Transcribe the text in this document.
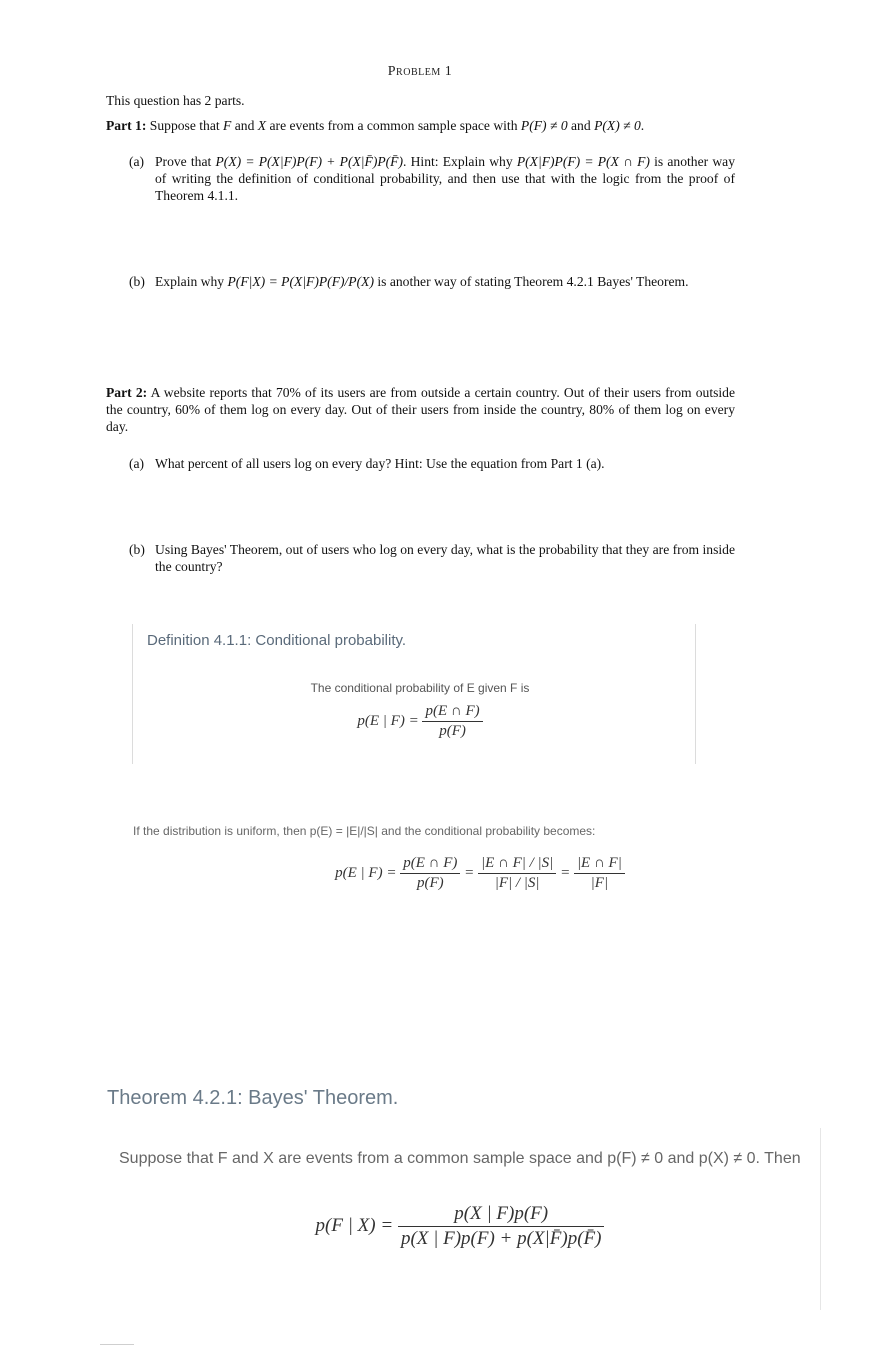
Problem 1
This question has 2 parts.
Part 1: Suppose that F and X are events from a common sample space with P(F) ≠ 0 and P(X) ≠ 0.
(a) Prove that P(X) = P(X|F)P(F) + P(X|F̄)P(F̄). Hint: Explain why P(X|F)P(F) = P(X ∩ F) is another way of writing the definition of conditional probability, and then use that with the logic from the proof of Theorem 4.1.1.
(b) Explain why P(F|X) = P(X|F)P(F)/P(X) is another way of stating Theorem 4.2.1 Bayes' Theorem.
Part 2: A website reports that 70% of its users are from outside a certain country. Out of their users from outside the country, 60% of them log on every day. Out of their users from inside the country, 80% of them log on every day.
(a) What percent of all users log on every day? Hint: Use the equation from Part 1 (a).
(b) Using Bayes' Theorem, out of users who log on every day, what is the probability that they are from inside the country?
Definition 4.1.1: Conditional probability.
The conditional probability of E given F is
p(E | $F) = \frac{p(E \cap F)}{p(F)}$
If the distribution is uniform, then p(E) = |E|/|S| and the conditional probability becomes:
p(E | $F) = \frac{p(E \cap F)}{p(F)} = \frac{|E \cap F| / |S|}{|F| / |S|} = \frac{|E \cap F|}{|F|}$
Theorem 4.2.1: Bayes' Theorem.
Suppose that F and X are events from a common sample space and p(F) ≠ 0 and p(X) ≠ 0. Then
p(F | $X) = \frac{p(X | F)p(F)}{p(X | F)p(F) + p(X|F̄)p(F̄)}$
